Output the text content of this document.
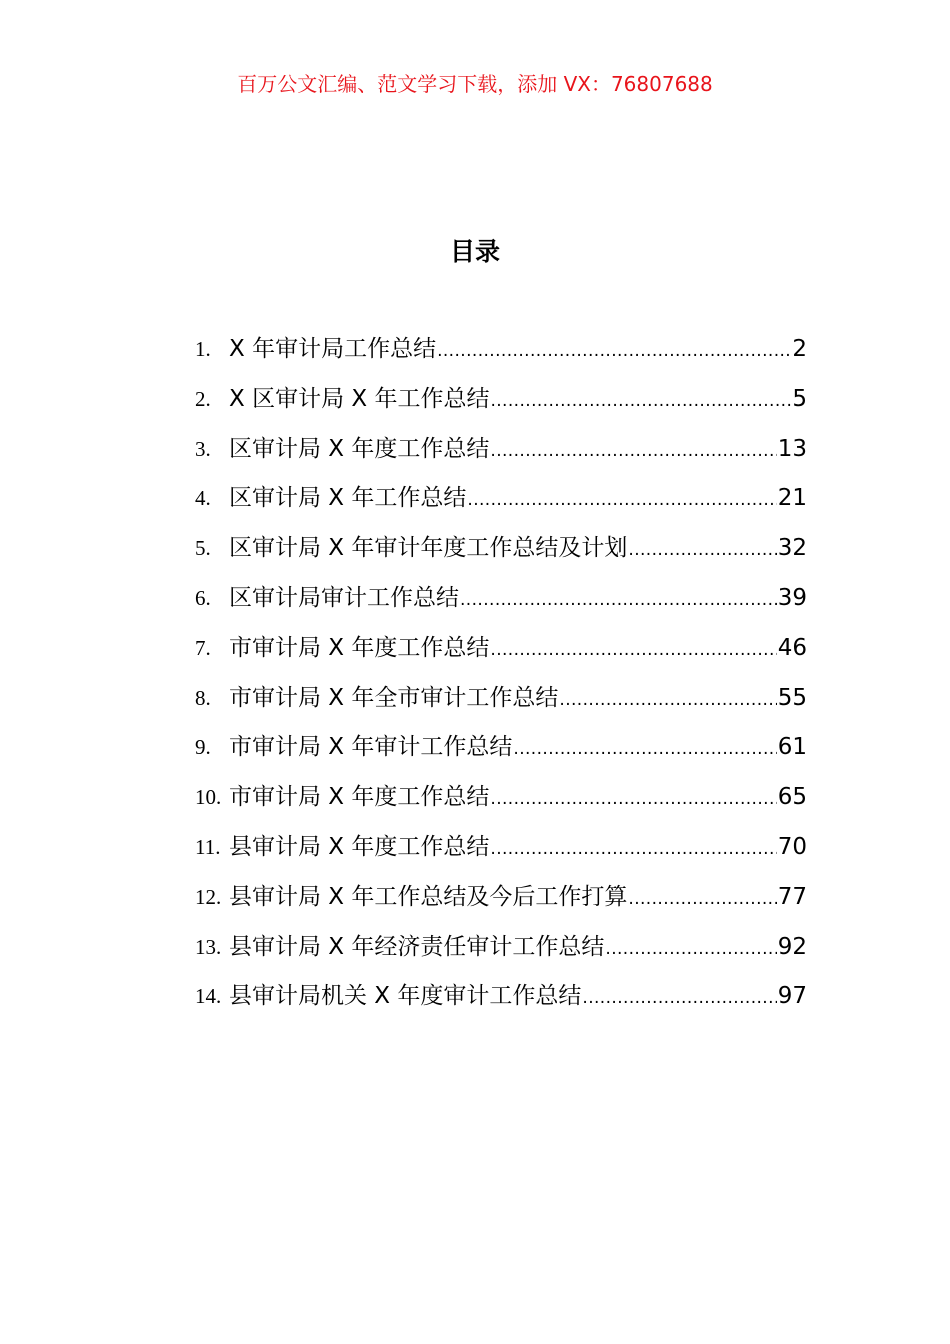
百万公文汇编、范文学习下载，添加 VX：76807688
目录
1. X 年审计局工作总结 .....	2
2. X 区审计局 X 年工作总结 .....	5
3. 区审计局 X 年度工作总结 .....	13
4. 区审计局 X 年工作总结 .....	21
5. 区审计局 X 年审计年度工作总结及计划 .....	32
6. 区审计局审计工作总结 .....	39
7. 市审计局 X 年度工作总结 .....	46
8. 市审计局 X 年全市审计工作总结 .....	55
9. 市审计局 X 年审计工作总结 .....	61
10. 市审计局 X 年度工作总结 .....	65
11. 县审计局 X 年度工作总结 .....	70
12. 县审计局 X 年工作总结及今后工作打算 .....	77
13. 县审计局 X 年经济责任审计工作总结 .....	92
14. 县审计局机关 X 年度审计工作总结 .....	97
